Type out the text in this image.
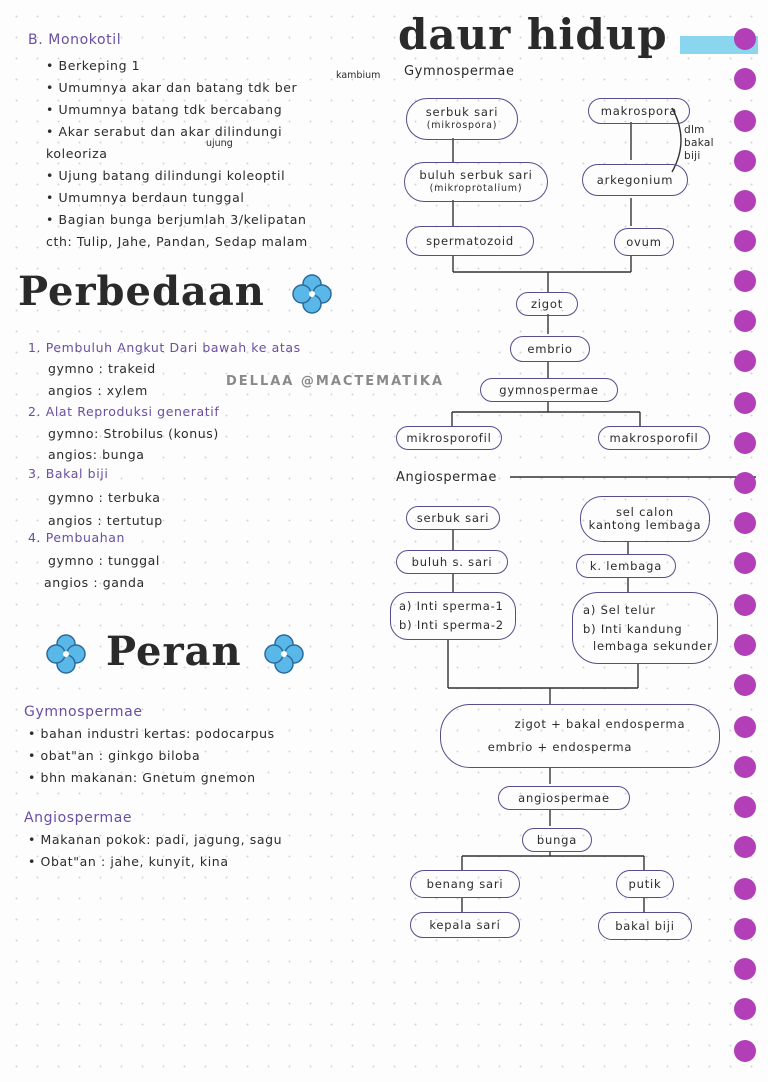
B. Monokotil
• Berkeping 1
• Umumnya akar dan batang tdk ber
kambium
• Umumnya batang tdk bercabang
• Akar serabut dan akar dilindungi
ujung
koleoriza
• Ujung batang dilindungi koleoptil
• Umumnya berdaun tunggal
• Bagian bunga berjumlah 3/kelipatan
cth: Tulip, Jahe, Pandan, Sedap malam
Perbedaan
1. Pembuluh Angkut Dari bawah ke atas
gymno : trakeid
angios : xylem
2. Alat Reproduksi generatif
gymno: Strobilus (konus)
angios: bunga
3. Bakal biji
gymno : terbuka
angios : tertutup
4. Pembuahan
gymno : tunggal
angios : ganda
Peran
Gymnospermae
• bahan industri kertas: podocarpus
• obat"an : ginkgo biloba
• bhn makanan: Gnetum gnemon
Angiospermae
• Makanan pokok: padi, jagung, sagu
• Obat"an : jahe, kunyit, kina
DELLAA @MACTEMATIKA
daur hidup
Gymnospermae
serbuk sari
(mikrospora)
makrospora
dlm bakal biji
buluh serbuk sari
(mikroprotalium)
arkegonium
spermatozoid	ovum
zigot
embrio
gymnospermae
mikrosporofil	makrosporofil
Angiospermae
serbuk sari	sel calon
kantong lembaga
buluh s. sari	k. lembaga
a) Inti sperma-1
b) Inti sperma-2
a) Sel telur
b) Inti kandung
lembaga sekunder
zigot + bakal endosperma
embrio + endosperma
angiospermae
bunga
benang sari	putik
kepala sari	bakal biji
